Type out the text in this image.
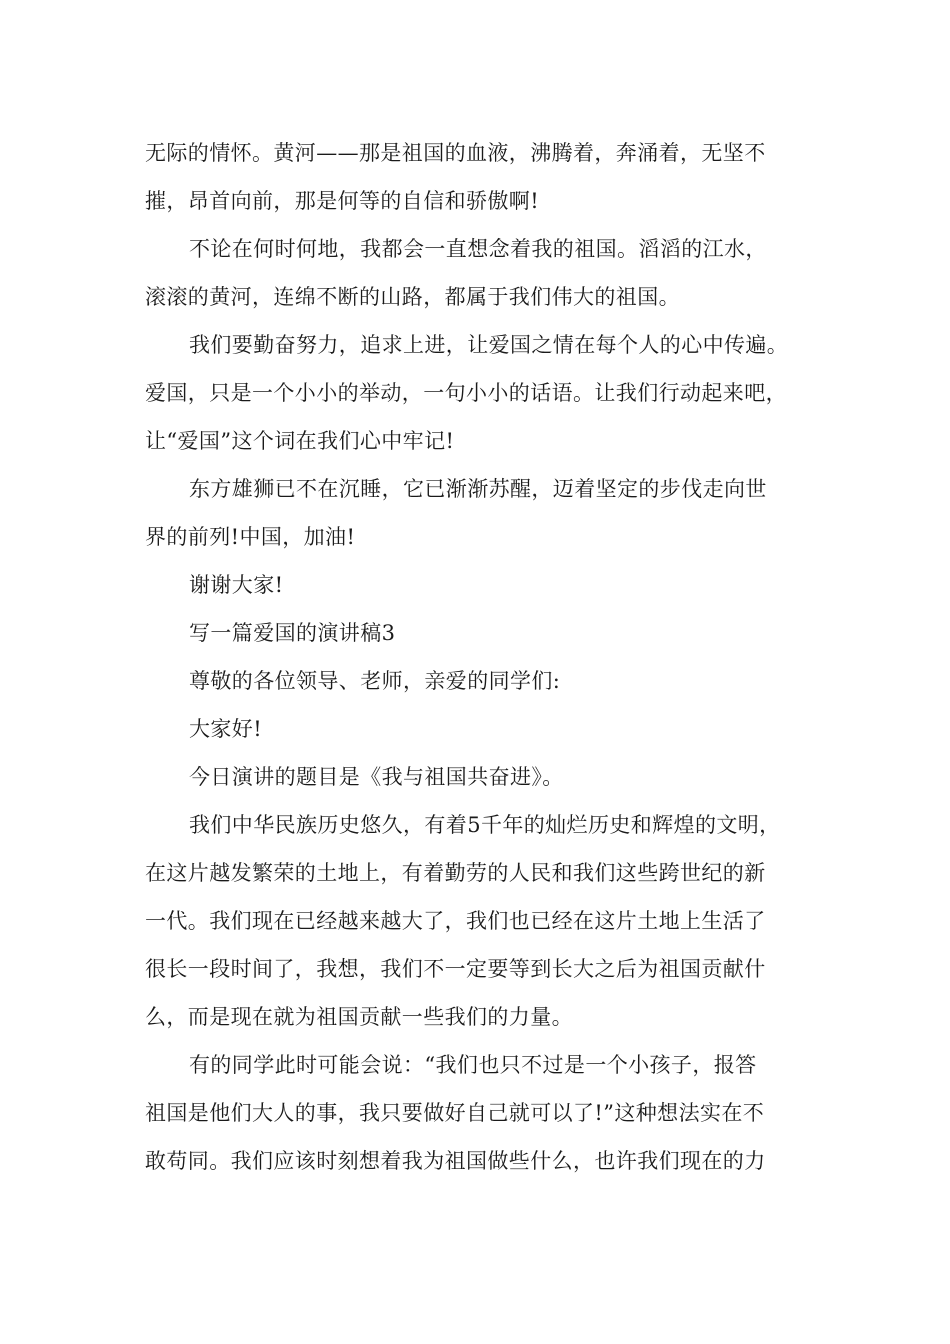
无际的情怀。黄河——那是祖国的血液，沸腾着，奔涌着，无坚不
摧，昂首向前，那是何等的自信和骄傲啊!

不论在何时何地，我都会一直想念着我的祖国。滔滔的江水，
滚滚的黄河，连绵不断的山路，都属于我们伟大的祖国。

我们要勤奋努力，追求上进，让爱国之情在每个人的心中传遍。
爱国，只是一个小小的举动，一句小小的话语。让我们行动起来吧，
让“爱国”这个词在我们心中牢记!

东方雄狮已不在沉睡，它已渐渐苏醒，迈着坚定的步伐走向世
界的前列!中国，加油!

谢谢大家!

写一篇爱国的演讲稿3

尊敬的各位领导、老师，亲爱的同学们:

大家好!

今日演讲的题目是《我与祖国共奋进》。

我们中华民族历史悠久，有着5千年的灿烂历史和辉煌的文明，
在这片越发繁荣的土地上，有着勤劳的人民和我们这些跨世纪的新
一代。我们现在已经越来越大了，我们也已经在这片土地上生活了
很长一段时间了，我想，我们不一定要等到长大之后为祖国贡献什
么，而是现在就为祖国贡献一些我们的力量。

有的同学此时可能会说：“我们也只不过是一个小孩子，报答
祖国是他们大人的事，我只要做好自己就可以了!”这种想法实在不
敢苟同。我们应该时刻想着我为祖国做些什么，也许我们现在的力
